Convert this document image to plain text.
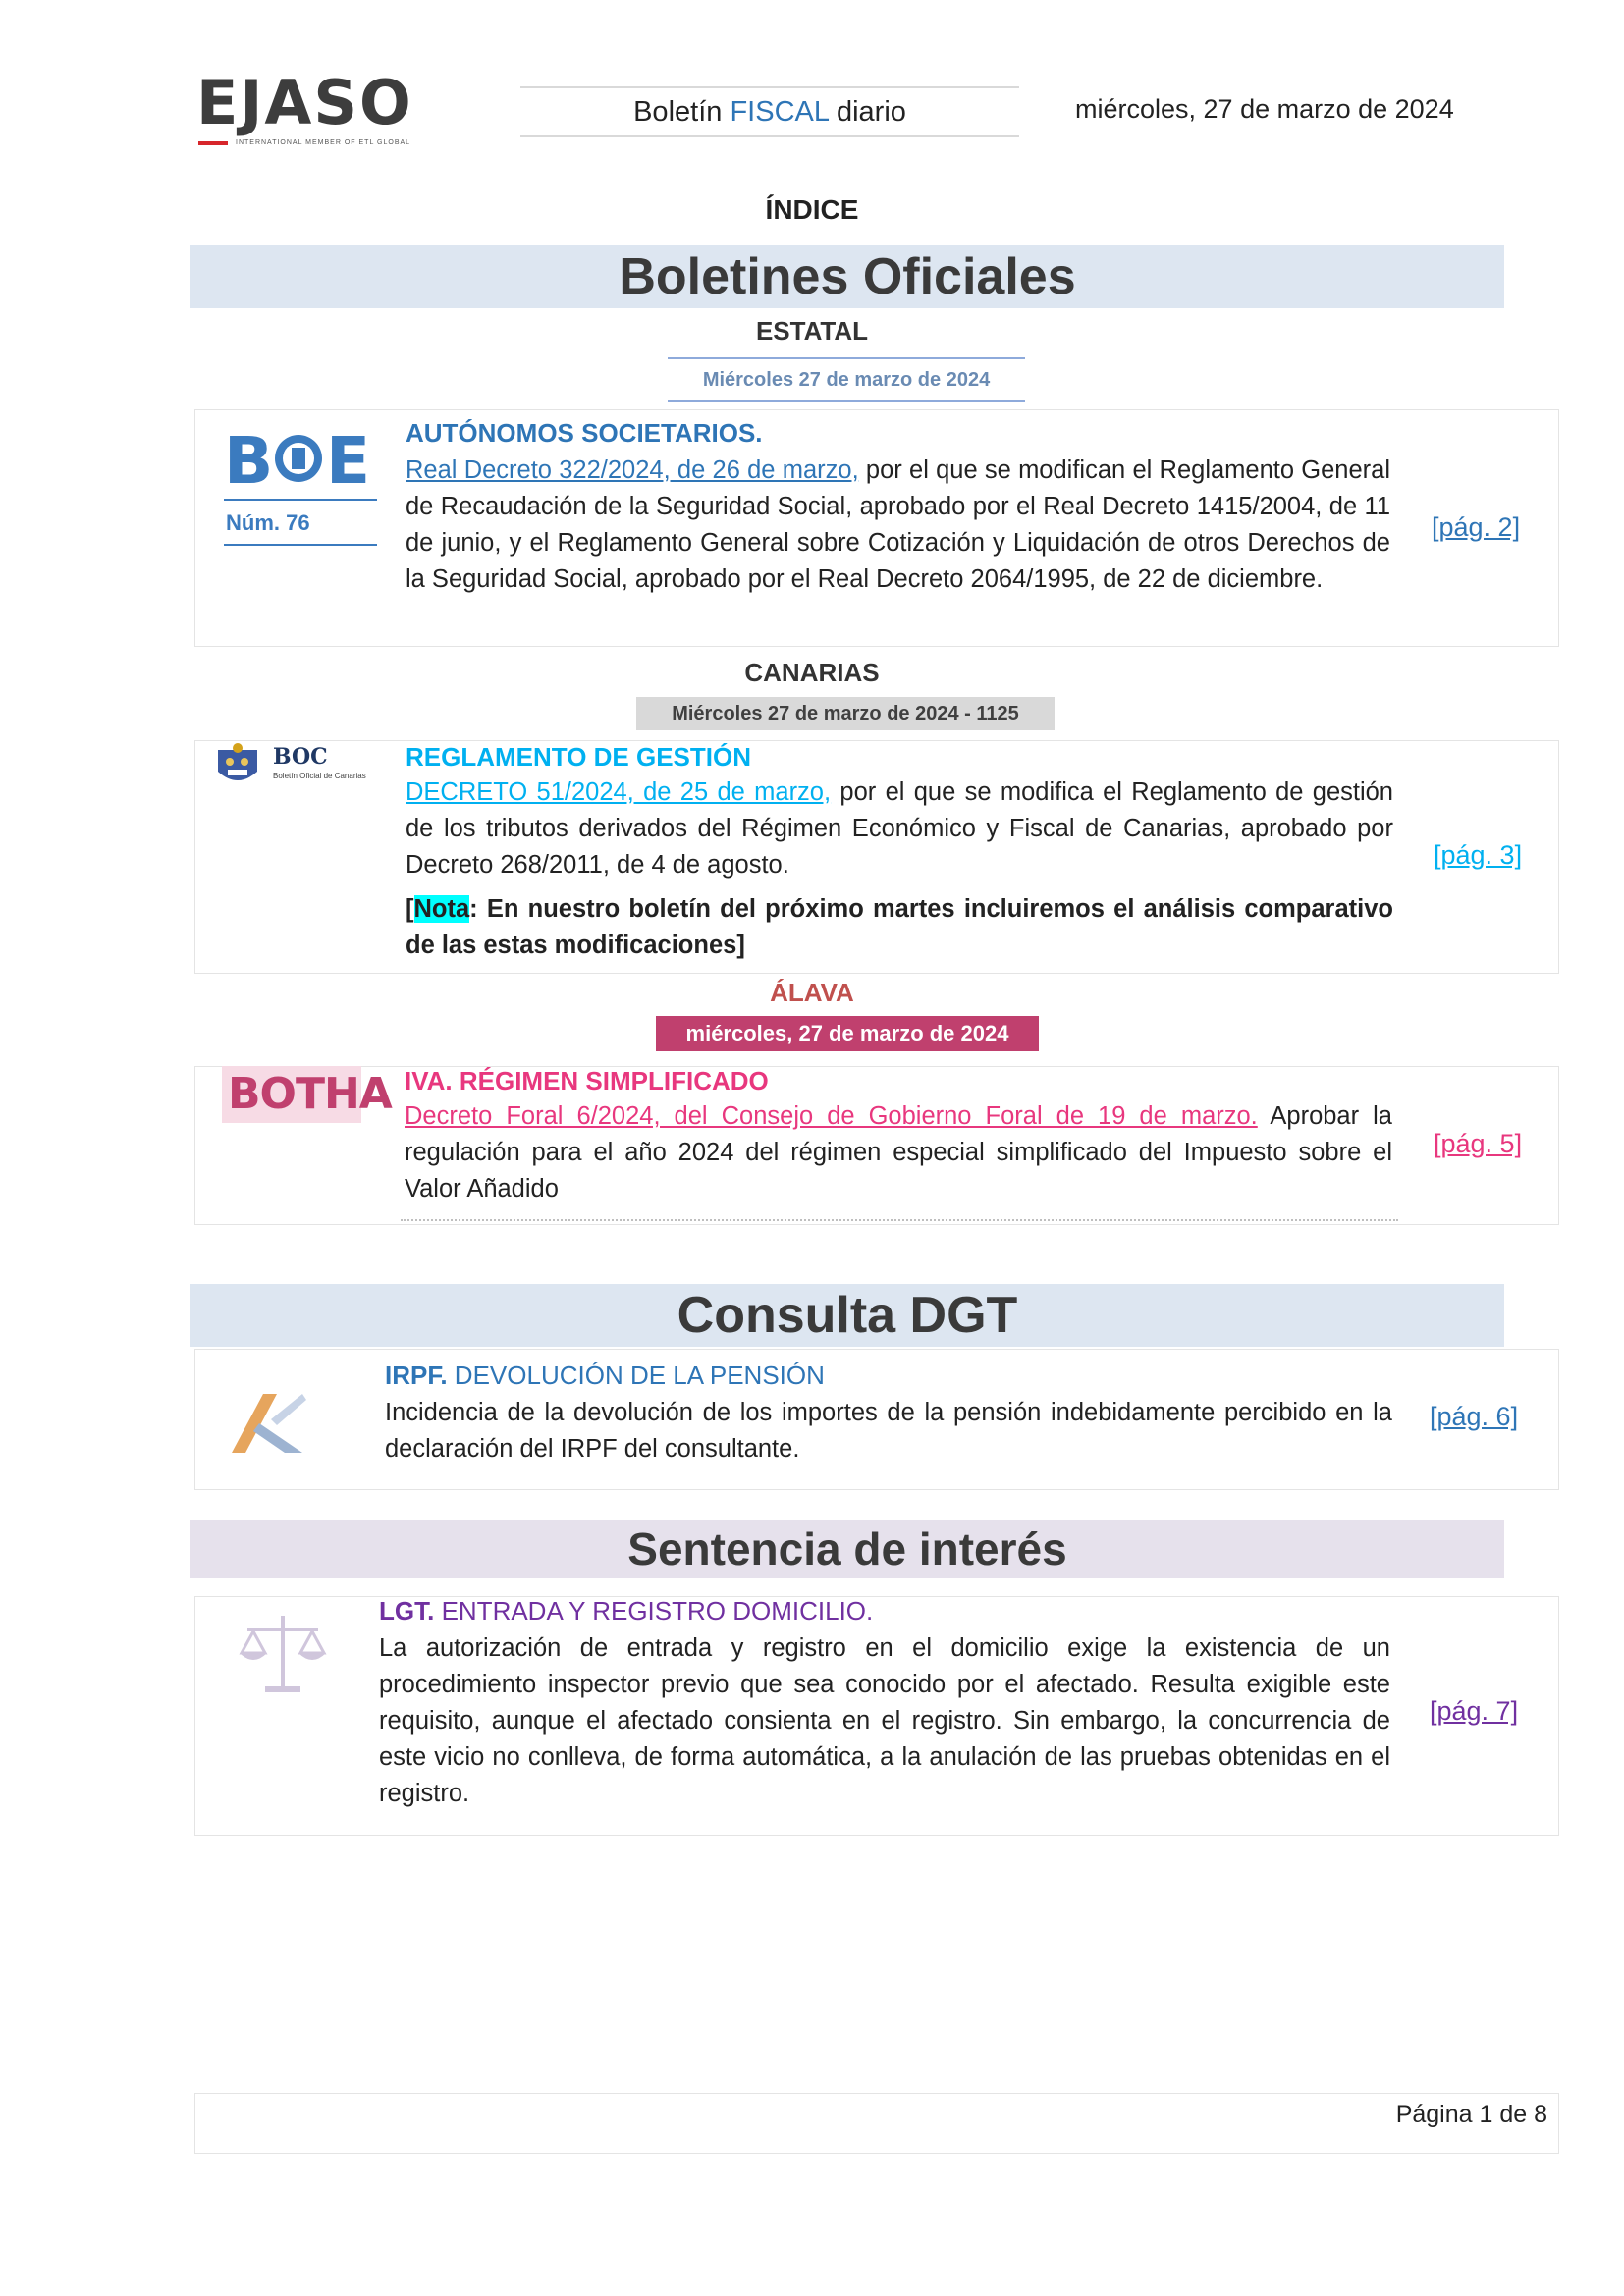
EJASO
INTERNATIONAL MEMBER OF ETL GLOBAL
Boletín FISCAL diario	miércoles, 27 de marzo de 2024
ÍNDICE
Boletines Oficiales
ESTATAL
Miércoles 27 de marzo de 2024
B E
Núm. 76
AUTÓNOMOS SOCIETARIOS.
Real Decreto 322/2024, de 26 de marzo, por el que se modifican el Reglamento General de Recaudación de la Seguridad Social, aprobado por el Real Decreto 1415/2004, de 11 de junio, y el Reglamento General sobre Cotización y Liquidación de otros Derechos de la Seguridad Social, aprobado por el Real Decreto 2064/1995, de 22 de diciembre.
[pág. 2]
CANARIAS
Miércoles 27 de marzo de 2024 - 1125
BOC
Boletín Oficial de Canarias
REGLAMENTO DE GESTIÓN
DECRETO 51/2024, de 25 de marzo, por el que se modifica el Reglamento de gestión de los tributos derivados del Régimen Económico y Fiscal de Canarias, aprobado por Decreto 268/2011, de 4 de agosto.
[Nota: En nuestro boletín del próximo martes incluiremos el análisis comparativo de las estas modificaciones]
[pág. 3]
ÁLAVA
miércoles, 27 de marzo de 2024
BOTHA IVA. RÉGIMEN SIMPLIFICADO
Decreto Foral 6/2024, del Consejo de Gobierno Foral de 19 de marzo. Aprobar la regulación para el año 2024 del régimen especial simplificado del Impuesto sobre el Valor Añadido
[pág. 5]
Consulta DGT
IRPF. DEVOLUCIÓN DE LA PENSIÓN
Incidencia de la devolución de los importes de la pensión indebidamente percibido en la declaración del IRPF del consultante.
[pág. 6]
Sentencia de interés
LGT. ENTRADA Y REGISTRO DOMICILIO.
La autorización de entrada y registro en el domicilio exige la existencia de un procedimiento inspector previo que sea conocido por el afectado. Resulta exigible este requisito, aunque el afectado consienta en el registro. Sin embargo, la concurrencia de este vicio no conlleva, de forma automática, a la anulación de las pruebas obtenidas en el registro.
[pág. 7]
Página 1 de 8
